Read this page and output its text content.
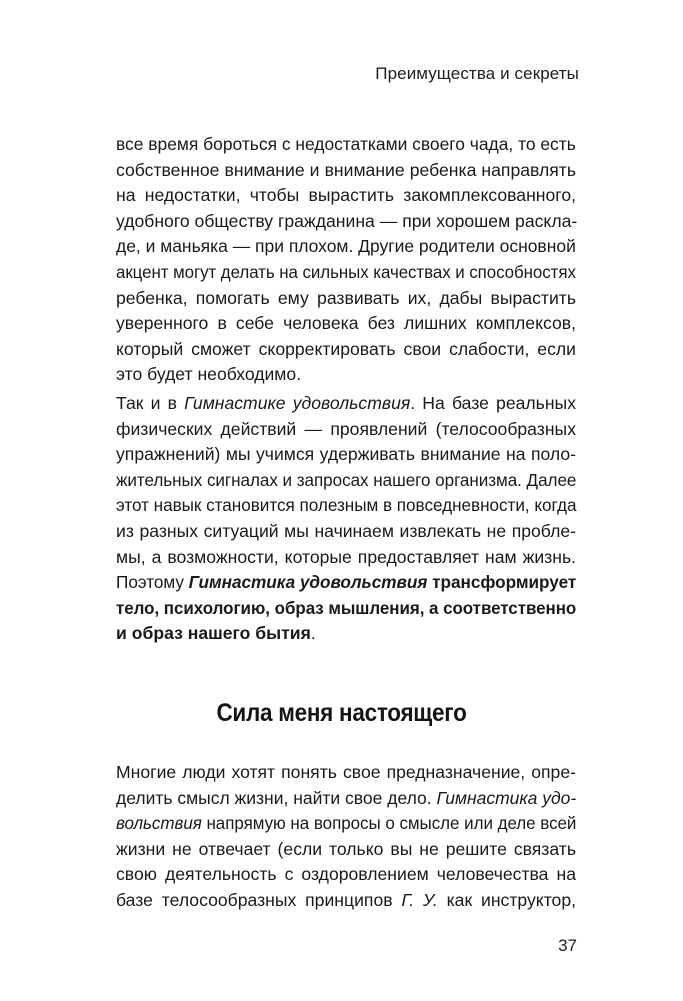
Преимущества и секреты
все время бороться с недостатками своего чада, то есть
собственное внимание и внимание ребенка направлять
на недостатки, чтобы вырастить закомплексованного,
удобного обществу гражданина — при хорошем раскла-
де, и маньяка — при плохом. Другие родители основной
акцент могут делать на сильных качествах и способностях
ребенка, помогать ему развивать их, дабы вырастить
уверенного в себе человека без лишних комплексов,
который сможет скорректировать свои слабости, если
это будет необходимо.
Так и в Гимнастике удовольствия. На базе реальных
физических действий — проявлений (телосообразных
упражнений) мы учимся удерживать внимание на поло-
жительных сигналах и запросах нашего организма. Далее
этот навык становится полезным в повседневности, когда
из разных ситуаций мы начинаем извлекать не пробле-
мы, а возможности, которые предоставляет нам жизнь.
Поэтому Гимнастика удовольствия трансформирует
тело, психологию, образ мышления, а соответственно
и образ нашего бытия.
Сила меня настоящего
Многие люди хотят понять свое предназначение, опре-
делить смысл жизни, найти свое дело. Гимнастика удо-
вольствия напрямую на вопросы о смысле или деле всей
жизни не отвечает (если только вы не решите связать
свою деятельность с оздоровлением человечества на
базе телосообразных принципов Г. У. как инструктор,
37
